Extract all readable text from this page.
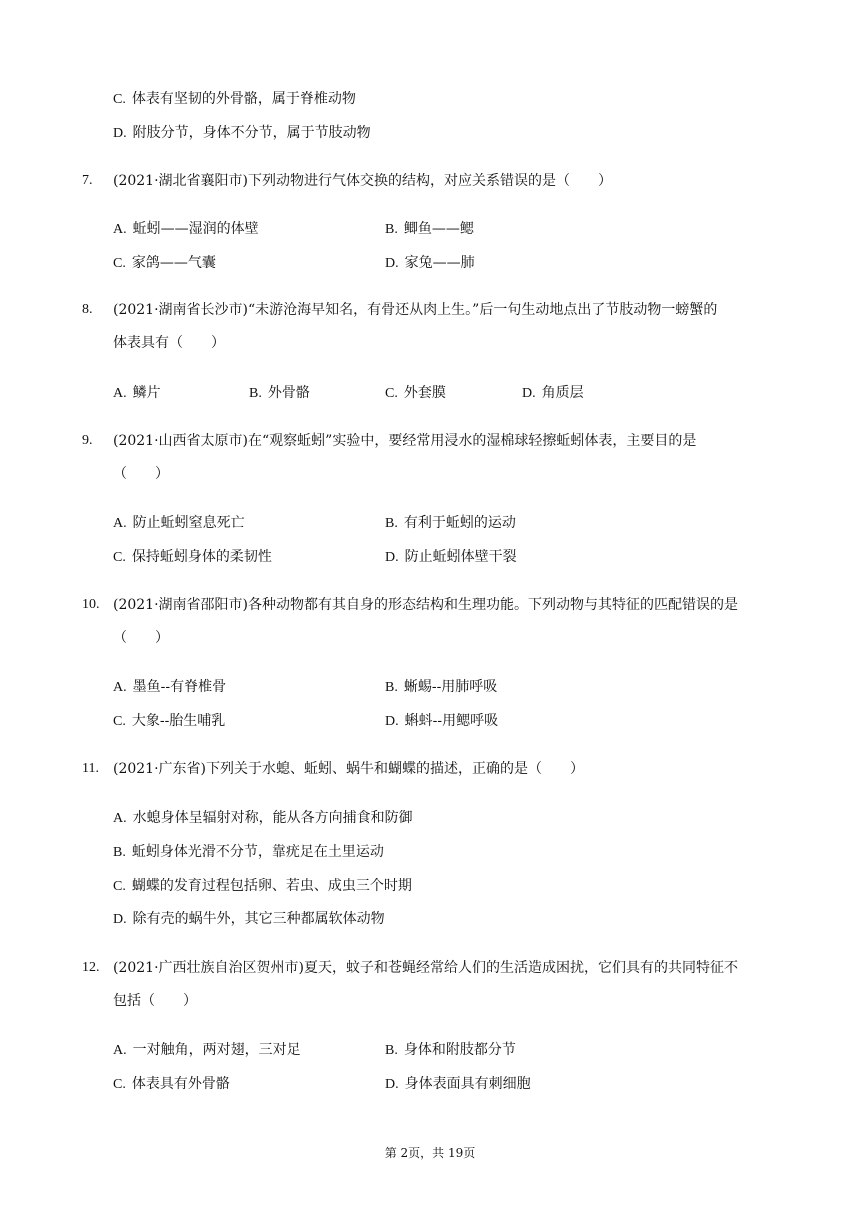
C. 体表有坚韧的外骨骼，属于脊椎动物
D. 附肢分节，身体不分节，属于节肢动物
7. (2021·湖北省襄阳市)下列动物进行气体交换的结构，对应关系错误的是（　　）
A. 蚯蚓——湿润的体壁	B. 鲫鱼——鳃
C. 家鸽——气囊	D. 家兔——肺
8. (2021·湖南省长沙市)“未游沧海早知名，有骨还从肉上生。”后一句生动地点出了节肢动物一螃蟹的
体表具有（　　）
A. 鳞片	B. 外骨骼	C. 外套膜	D. 角质层
9. (2021·山西省太原市)在“观察蚯蚓”实验中，要经常用浸水的湿棉球轻擦蚯蚓体表，主要目的是
（　　）
A. 防止蚯蚓窒息死亡	B. 有利于蚯蚓的运动
C. 保持蚯蚓身体的柔韧性	D. 防止蚯蚓体壁干裂
10. (2021·湖南省邵阳市)各种动物都有其自身的形态结构和生理功能。下列动物与其特征的匹配错误的是
（　　）
A. 墨鱼--有脊椎骨	B. 蜥蜴--用肺呼吸
C. 大象--胎生哺乳	D. 蝌蚪--用鳃呼吸
11. (2021·广东省)下列关于水螅、蚯蚓、蜗牛和蝴蝶的描述，正确的是（　　）
A. 水螅身体呈辐射对称，能从各方向捕食和防御
B. 蚯蚓身体光滑不分节，靠疣足在土里运动
C. 蝴蝶的发育过程包括卵、若虫、成虫三个时期
D. 除有壳的蜗牛外，其它三种都属软体动物
12. (2021·广西壮族自治区贺州市)夏天，蚊子和苍蝇经常给人们的生活造成困扰，它们具有的共同特征不
包括（　　）
A. 一对触角，两对翅，三对足	B. 身体和附肢都分节
C. 体表具有外骨骼	D. 身体表面具有刺细胞
第 2页，共 19页
